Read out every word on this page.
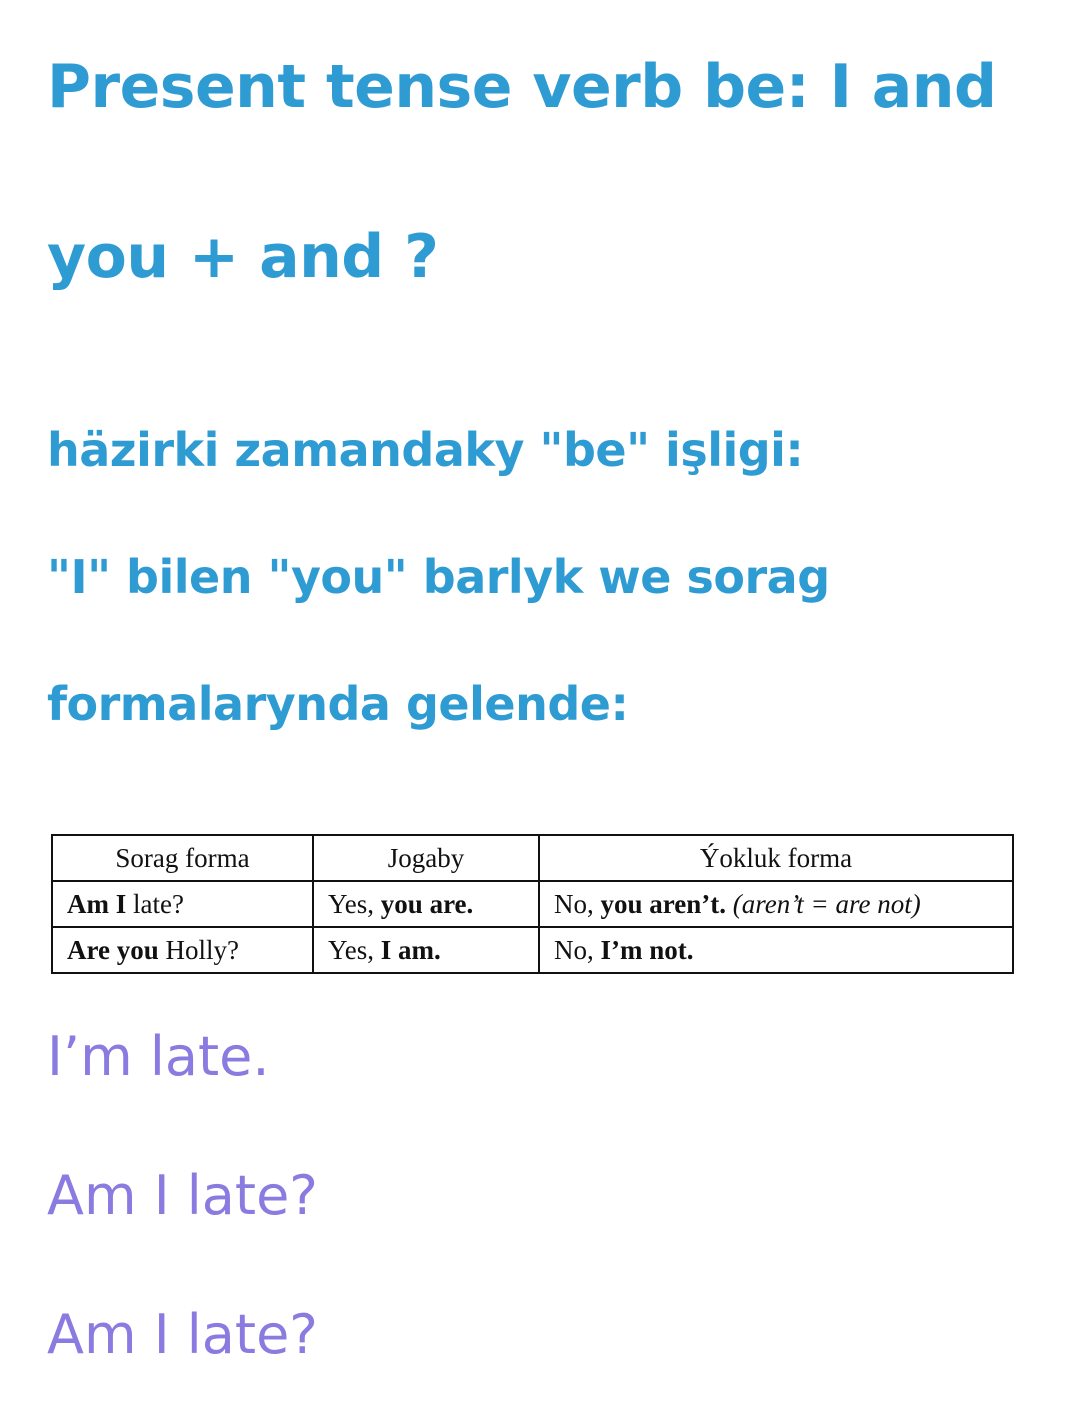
Present tense verb be: I and
you + and ?
häzirki zamandaky "be" işligi:
"I" bilen "you" barlyk we sorag
formalarynda gelende:
Sorag forma	Jogaby	Ýokluk forma
Am I late?	Yes, you are.	No, you aren’t. (aren’t = are not)
Are you Holly?	Yes, I am.	No, I’m not.

I’m late.

Am I late?

Am I late?
